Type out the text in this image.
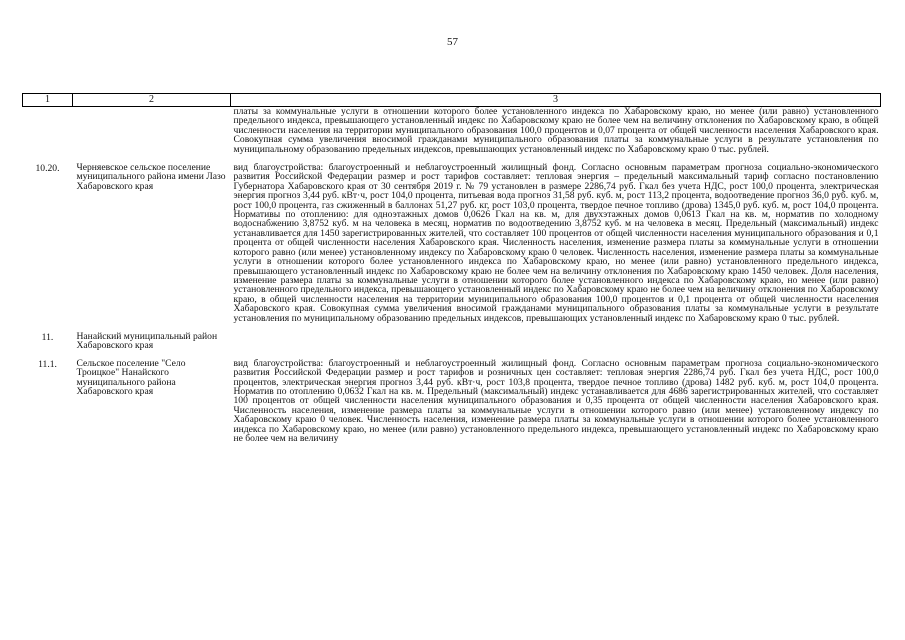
57
1	2	3
		платы за коммунальные услуги в отношении которого более установленного индекса по Хабаровскому краю, но менее (или равно) установленного предельного индекса, превышающего установленный индекс по Хабаровскому краю не более чем на величину отклонения по Хабаровскому краю, в общей численности населения на территории муниципального образования 100,0 процентов и 0,07 процента от общей численности населения Хабаровского края. Совокупная сумма увеличения вносимой гражданами муниципального образования платы за коммунальные услуги в результате установления по муниципальному образованию предельных индексов, превышающих установленный индекс по Хабаровскому краю 0 тыс. рублей.

10.20.	Черняевское сельское поселение муниципального района имени Лазо Хабаровского края	вид благоустройства: благоустроенный и неблагоустроенный жилищный фонд. Согласно основным параметрам прогноза социально-экономического развития Российской Федерации размер и рост тарифов составляет: тепловая энергия – предельный максимальный тариф согласно постановлению Губернатора Хабаровского края от 30 сентября 2019 г. № 79 установлен в размере 2286,74 руб. Гкал без учета НДС, рост 100,0 процента, электрическая энергия прогноз 3,44 руб. кВт·ч, рост 104,0 процента, питьевая вода прогноз 31,58 руб. куб. м, рост 113,2 процента, водоотведение прогноз 36,0 руб. куб. м, рост 100,0 процента, газ сжиженный в баллонах 51,27 руб. кг, рост 103,0 процента, твердое печное топливо (дрова) 1345,0 руб. куб. м, рост 104,0 процента. Нормативы по отоплению: для одноэтажных домов 0,0626 Гкал на кв. м, для двухэтажных домов 0,0613 Гкал на кв. м, норматив по холодному водоснабжению 3,8752 куб. м на человека в месяц, норматив по водоотведению 3,8752 куб. м на человека в месяц. Предельный (максимальный) индекс устанавливается для 1450 зарегистрированных жителей, что составляет 100 процентов от общей численности населения муниципального образования и 0,1 процента от общей численности населения Хабаровского края. Численность населения, изменение размера платы за коммунальные услуги в отношении которого равно (или менее) установленному индексу по Хабаровскому краю 0 человек. Численность населения, изменение размера платы за коммунальные услуги в отношении которого более установленного индекса по Хабаровскому краю, но менее (или равно) установленного предельного индекса, превышающего установленный индекс по Хабаровскому краю не более чем на величину отклонения по Хабаровскому краю 1450 человек. Доля населения, изменение размера платы за коммунальные услуги в отношении которого более установленного индекса по Хабаровскому краю, но менее (или равно) установленного предельного индекса, превышающего установленный индекс по Хабаровскому краю не более чем на величину отклонения по Хабаровскому краю, в общей численности населения на территории муниципального образования 100,0 процентов и 0,1 процента от общей численности населения Хабаровского края. Совокупная сумма увеличения вносимой гражданами муниципального образования платы за коммунальные услуги в результате установления по муниципальному образованию предельных индексов, превышающих установленный индекс по Хабаровскому краю 0 тыс. рублей.

11.	Нанайский муниципальный район Хабаровского края	

11.1.	Сельское поселение "Село Троицкое" Нанайского муниципального района Хабаровского края	вид благоустройства: благоустроенный и неблагоустроенный жилищный фонд. Согласно основным параметрам прогноза социально-экономического развития Российской Федерации размер и рост тарифов и розничных цен составляет: тепловая энергия 2286,74 руб. Гкал без учета НДС, рост 100,0 процентов, электрическая энергия прогноз 3,44 руб. кВт·ч, рост 103,8 процента, твердое печное топливо (дрова) 1482 руб. куб. м, рост 104,0 процента. Норматив по отоплению 0,0632 Гкал на кв. м. Предельный (максимальный) индекс устанавливается для 4686 зарегистрированных жителей, что составляет 100 процентов от общей численности населения муниципального образования и 0,35 процента от общей численности населения Хабаровского края. Численность населения, изменение размера платы за коммунальные услуги в отношении которого равно (или менее) установленному индексу по Хабаровскому краю 0 человек. Численность населения, изменение размера платы за коммунальные услуги в отношении которого более установленного индекса по Хабаровскому краю, но менее (или равно) установленного предельного индекса, превышающего установленный индекс по Хабаровскому краю не более чем на величину
